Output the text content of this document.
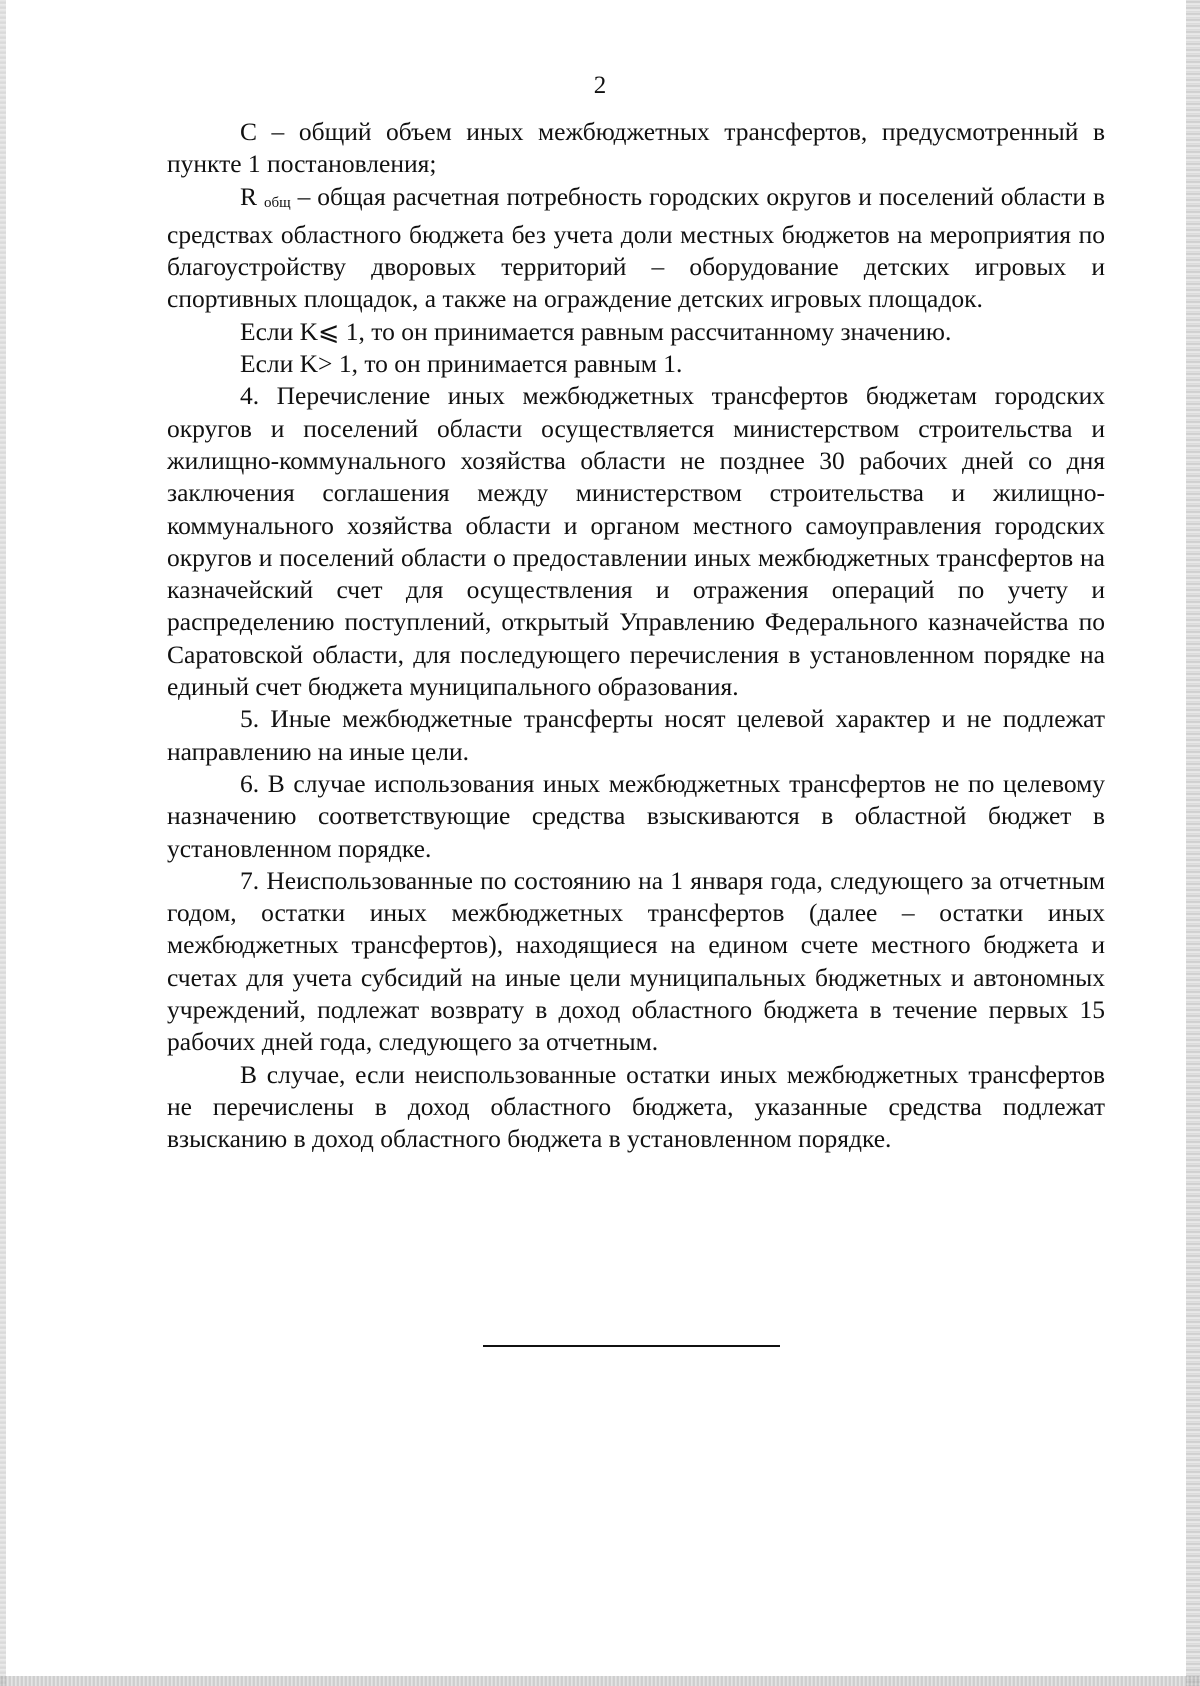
2

C – общий объем иных межбюджетных трансфертов, предусмотренный в пункте 1 постановления;

R общ – общая расчетная потребность городских округов и поселений области в средствах областного бюджета без учета доли местных бюджетов на мероприятия по благоустройству дворовых территорий – оборудование детских игровых и спортивных площадок, а также на ограждение детских игровых площадок.

Если K⩽ 1, то он принимается равным рассчитанному значению.

Если K> 1, то он принимается равным 1.

4. Перечисление иных межбюджетных трансфертов бюджетам городских округов и поселений области осуществляется министерством строительства и жилищно-коммунального хозяйства области не позднее 30 рабочих дней со дня заключения соглашения между министерством строительства и жилищно-коммунального хозяйства области и органом местного самоуправления городских округов и поселений области о предоставлении иных межбюджетных трансфертов на казначейский счет для осуществления и отражения операций по учету и распределению поступлений, открытый Управлению Федерального казначейства по Саратовской области, для последующего перечисления в установленном порядке на единый счет бюджета муниципального образования.

5. Иные межбюджетные трансферты носят целевой характер и не подлежат направлению на иные цели.

6. В случае использования иных межбюджетных трансфертов не по целевому назначению соответствующие средства взыскиваются в областной бюджет в установленном порядке.

7. Неиспользованные по состоянию на 1 января года, следующего за отчетным годом, остатки иных межбюджетных трансфертов (далее – остатки иных межбюджетных трансфертов), находящиеся на едином счете местного бюджета и счетах для учета субсидий на иные цели муниципальных бюджетных и автономных учреждений, подлежат возврату в доход областного бюджета в течение первых 15 рабочих дней года, следующего за отчетным.

В случае, если неиспользованные остатки иных межбюджетных трансфертов не перечислены в доход областного бюджета, указанные средства подлежат взысканию в доход областного бюджета в установленном порядке.
